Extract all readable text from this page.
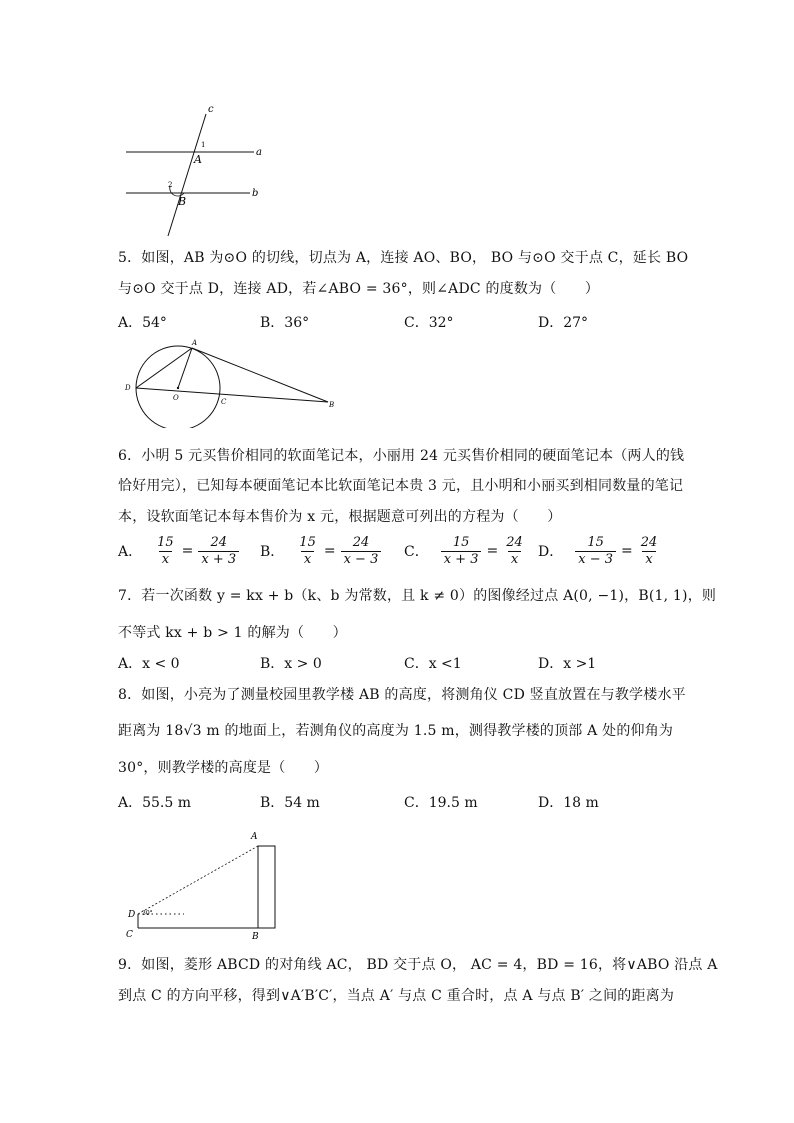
c
a
b
A
B
1
2
5．如图，AB 为⊙O 的切线，切点为 A，连接 AO、BO， BO 与⊙O 交于点 C，延长 BO
与⊙O 交于点 D，连接 AD，若∠ABO = 36°，则∠ADC 的度数为（　　）
A．54°	B．36°	C．32°	D．27°
A
D
O	C	B
6．小明 5 元买售价相同的软面笔记本，小丽用 24 元买售价相同的硬面笔记本（两人的钱
恰好用完），已知每本硬面笔记本比软面笔记本贵 3 元，且小明和小丽买到相同数量的笔记
本，设软面笔记本每本售价为 x 元，根据题意可列出的方程为（　　）
A． $\frac{15}{x} = \frac{24}{x + 3}$ B． $\frac{15}{x} = \frac{24}{x - 3}$ C． $\frac{15}{x + 3} = \frac{24}{x}$ D． $\frac{15}{x - 3} = \frac{24}{x}$
7．若一次函数 y = kx + b（k、b 为常数，且 k ≠ 0）的图像经过点 A(0, −1)，B(1, 1)，则
不等式 kx + b > 1 的解为（　　）
A．x < 0	B．x > 0	C．x <1	D．x >1
8．如图，小亮为了测量校园里教学楼 AB 的高度，将测角仪 CD 竖直放置在与教学楼水平
距离为 18√3 m 的地面上，若测角仪的高度为 1.5 m，测得教学楼的顶部 A 处的仰角为
30°，则教学楼的高度是（　　）
A．55.5 m	B．54 m	C．19.5 m	D．18 m
A
B
C
D 30°
9．如图，菱形 ABCD 的对角线 AC， BD 交于点 O， AC = 4，BD = 16，将∨ABO 沿点 A
到点 C 的方向平移，得到∨A′B′C′，当点 A′ 与点 C 重合时，点 A 与点 B′ 之间的距离为
